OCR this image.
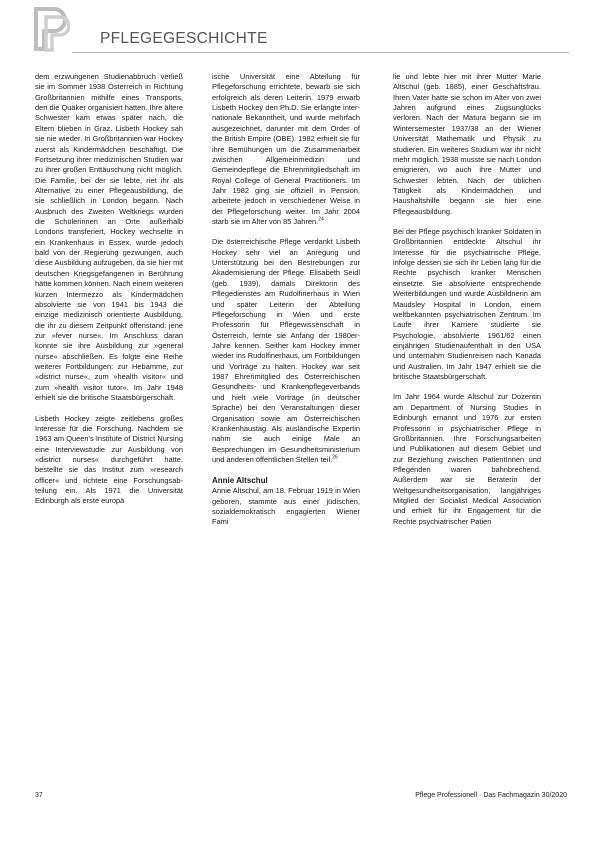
PFLEGEGESCHICHTE

dem erzwungenen Studienabbruch verließ sie im Sommer 1938 Österreich in Richtung Großbritannien mithilfe eines Transports, den die Quäker organisiert hatten. Ihre ältere Schwester kam etwas später nach, die Eltern blieben in Graz. Lisbeth Hockey sah sie nie wieder. In Großbritannien war Hockey zuerst als Kindermädchen beschäftigt. Die Fortsetzung ihrer medizinischen Studien war zu ihrer großen Enttäuschung nicht möglich. Die Familie, bei der sie lebte, riet ihr als Alternative zu einer Pflegeausbildung, die sie schließlich in London begann. Nach Ausbruch des Zweiten Weltkriegs wurden die Schülerinnen an Orte außerhalb Londons transferiert, Hockey wechselte in ein Krankenhaus in Essex, wurde jedoch bald von der Regierung gezwungen, auch diese Ausbildung aufzugeben, da sie hier mit deutschen Kriegsgefangenen in Berührung hätte kommen können. Nach einem weiteren kurzen Intermezzo als Kindermädchen absolvierte sie von 1941 bis 1943 die einzige medizinisch orientierte Ausbildung, die ihr zu diesem Zeitpunkt offenstand: jene zur »fever nurse«. Im Anschluss daran konnte sie ihre Ausbildung zur »general nurse« abschließen. Es folgte eine Reihe weiterer Fortbildungen: zur Hebamme, zur »district nurse«, zum »health visitor« und zum »health visitor tutor«. Im Jahr 1948 erhielt sie die britische Staatsbürgerschaft.

Lisbeth Hockey zeigte zeitlebens großes Interesse für die Forschung. Nachdem sie 1963 am Queen's Institute of District Nursing eine Interviewstudie zur Ausbildung von »district nurses« durchgeführt hatte, bestellte sie das Institut zum »research officer« und richtete eine Forschungsabteilung ein. Als 1971 die Universität Edinburgh als erste europä

ische Universität eine Abteilung für Pflegeforschung errichtete, bewarb sie sich erfolgreich als deren Leiterin. 1979 erwarb Lisbeth Hockey den Ph.D. Sie erlangte internationale Bekanntheit, und wurde mehrfach ausgezeichnet, darunter mit dem Order of the British Empire (OBE). 1982 erhielt sie für ihre Bemühungen um die Zusammenarbeit zwischen Allgemeinmedizin und Gemeindepflege die Ehrenmitgliedschaft im Royal College of General Practitioners. Im Jahr 1982 ging sie offiziell in Pension, arbeitete jedoch in verschiedener Weise in der Pflegeforschung weiter. Im Jahr 2004 starb sie im Alter von 85 Jahren.$^{24}$

Die österreichische Pflege verdankt Lisbeth Hockey sehr viel an Anregung und Unterstützung bei den Bestrebungen zur Akademisierung der Pflege. Elisabeth Seidl (geb. 1939), damals Direktorin des Pflegedienstes am Rudolfinerhaus in Wien und später Leiterin der Abteilung Pflegeforschung in Wien und erste Professorin für Pflegewissenschaft in Österreich, lernte sie Anfang der 1980er-Jahre kennen. Seither kam Hockey immer wieder ins Rudolfinerhaus, um Fortbildungen und Vorträge zu halten. Hockey war seit 1987 Ehrenmitglied des Österreichischen Gesundheits- und Krankenpflegeverbands und hielt viele Vorträge (in deutscher Sprache) bei den Veranstaltungen dieser Organisation sowie am Österreichischen Krankenhaustag. Als ausländische Expertin nahm sie auch einige Male an Besprechungen im Gesundheitsministerium und anderen öffentlichen Stellen teil.$^{26}$

Annie Altschul

Annie Altschul, am 18. Februar 1919 in Wien geboren, stammte aus einer jüdischen, sozialdemokratisch engagierten Wiener Fami

lie und lebte hier mit ihrer Mutter Marie Altschul (geb. 1885), einer Geschäftsfrau. Ihren Vater hatte sie schon im Alter von zwei Jahren aufgrund eines Zugsunglücks verloren. Nach der Matura begann sie im Wintersemester 1937/38 an der Wiener Universität Mathematik und Physik zu studieren. Ein weiteres Studium war ihr nicht mehr möglich. 1938 musste sie nach London emigrieren, wo auch ihre Mutter und Schwester lebten. Nach der üblichen Tätigkeit als Kindermädchen und Haushaltshilfe begann sie hier eine Pflegeausbildung.

Bei der Pflege psychisch kranker Soldaten in Großbritannien entdeckte Altschul ihr Interesse für die psychiatrische Pflege, infolge dessen sie sich ihr Leben lang für die Rechte psychisch kranker Menschen einsetzte. Sie absolvierte entsprechende Weiterbildungen und wurde Ausbildnerin am Maudsley Hospital in London, einem weltbekannten psychiatrischen Zentrum. Im Laufe ihrer Karriere studierte sie Psychologie, absolvierte 1961/62 einen einjährigen Studienaufenthalt in den USA und unternahm Studienreisen nach Kanada und Australien. Im Jahr 1947 erhielt sie die britische Staatsbürgerschaft.

Im Jahr 1964 wurde Altschul zur Dozentin am Department of Nursing Studies in Edinburgh ernannt und 1976 zur ersten Professorin in psychiatrischer Pflege in Großbritannien. Ihre Forschungsarbeiten und Publikationen auf diesem Gebiet und zur Beziehung zwischen PatientInnen und Pflegenden waren bahnbrechend. Außerdem war sie Beraterin der Weltgesundheitsorganisation, langjähriges Mitglied der Socialist Medical Association und erhielt für ihr Engagement für die Rechte psychiatrischer Patien

37	Pflege Professionell · Das Fachmagazin 30/2020
